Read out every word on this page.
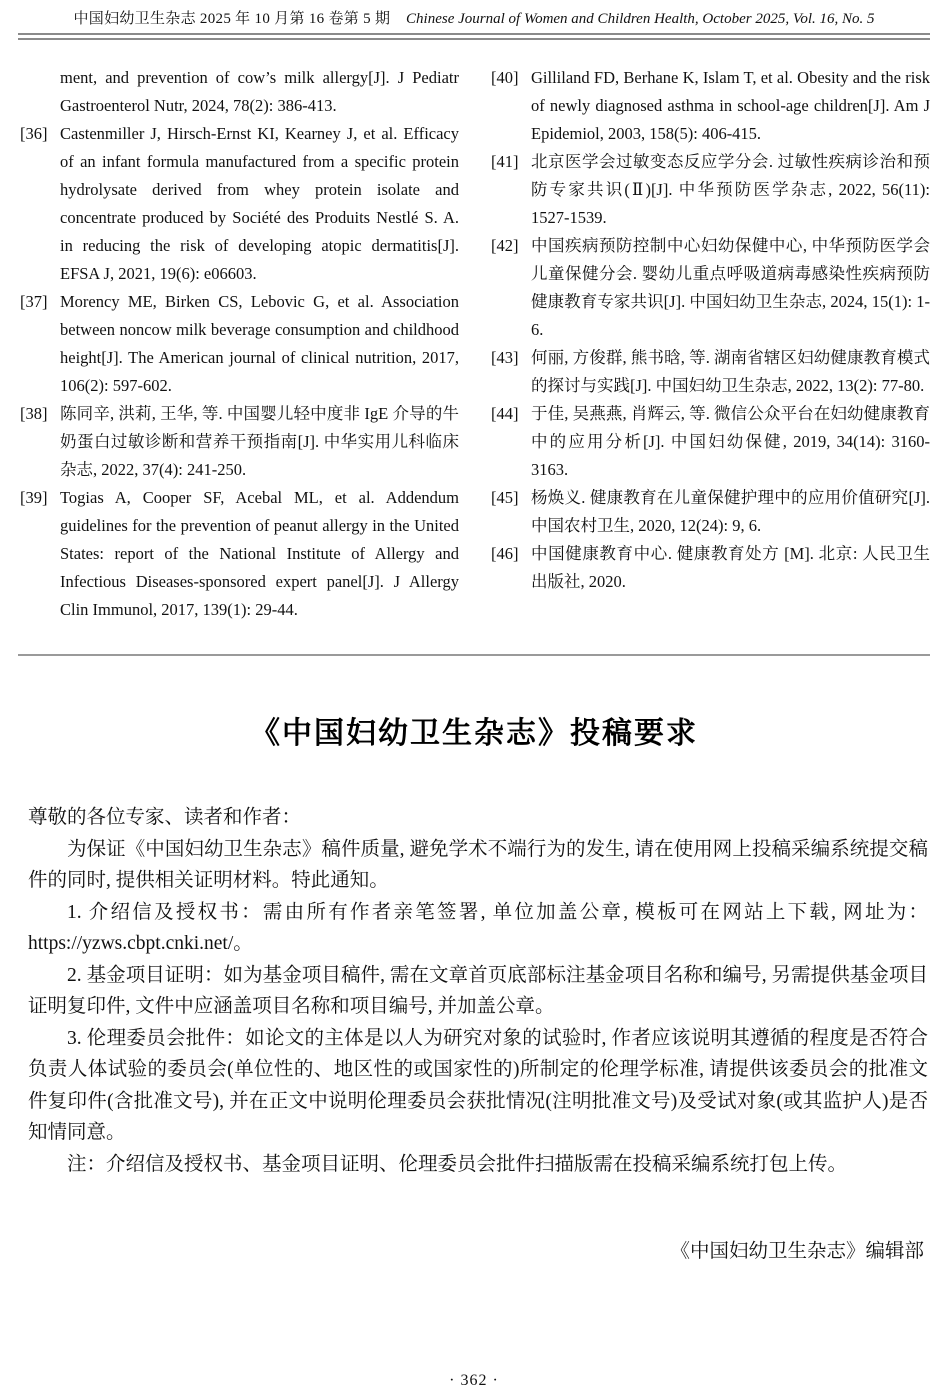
中国妇幼卫生杂志 2025 年 10 月第 16 卷第 5 期 Chinese Journal of Women and Children Health, October 2025, Vol. 16, No. 5
ment, and prevention of cow’s milk allergy[J]. J Pediatr Gastroenterol Nutr, 2024, 78(2): 386-413.
[36] Castenmiller J, Hirsch-Ernst KI, Kearney J, et al. Efficacy of an infant formula manufactured from a specific protein hydrolysate derived from whey protein isolate and concentrate produced by Société des Produits Nestlé S. A. in reducing the risk of developing atopic dermatitis[J]. EFSA J, 2021, 19(6): e06603.
[37] Morency ME, Birken CS, Lebovic G, et al. Association between noncow milk beverage consumption and childhood height[J]. The American journal of clinical nutrition, 2017, 106(2): 597-602.
[38] 陈同辛, 洪莉, 王华, 等. 中国婴儿轻中度非 IgE 介导的牛奶蛋白过敏诊断和营养干预指南[J]. 中华实用儿科临床杂志, 2022, 37(4): 241-250.
[39] Togias A, Cooper SF, Acebal ML, et al. Addendum guidelines for the prevention of peanut allergy in the United States: report of the National Institute of Allergy and Infectious Diseases-sponsored expert panel[J]. J Allergy Clin Immunol, 2017, 139(1): 29-44.
[40] Gilliland FD, Berhane K, Islam T, et al. Obesity and the risk of newly diagnosed asthma in school-age children[J]. Am J Epidemiol, 2003, 158(5): 406-415.
[41] 北京医学会过敏变态反应学分会. 过敏性疾病诊治和预防专家共识(Ⅱ)[J]. 中华预防医学杂志, 2022, 56(11): 1527-1539.
[42] 中国疾病预防控制中心妇幼保健中心, 中华预防医学会儿童保健分会. 婴幼儿重点呼吸道病毒感染性疾病预防健康教育专家共识[J]. 中国妇幼卫生杂志, 2024, 15(1): 1-6.
[43] 何丽, 方俊群, 熊书晗, 等. 湖南省辖区妇幼健康教育模式的探讨与实践[J]. 中国妇幼卫生杂志, 2022, 13(2): 77-80.
[44] 于佳, 吴燕燕, 肖辉云, 等. 微信公众平台在妇幼健康教育中的应用分析[J]. 中国妇幼保健, 2019, 34(14): 3160-3163.
[45] 杨焕义. 健康教育在儿童保健护理中的应用价值研究[J]. 中国农村卫生, 2020, 12(24): 9, 6.
[46] 中国健康教育中心. 健康教育处方 [M]. 北京: 人民卫生出版社, 2020.
《中国妇幼卫生杂志》投稿要求

尊敬的各位专家、读者和作者：

为保证《中国妇幼卫生杂志》稿件质量, 避免学术不端行为的发生, 请在使用网上投稿采编系统提交稿件的同时, 提供相关证明材料。特此通知。

1. 介绍信及授权书：需由所有作者亲笔签署, 单位加盖公章, 模板可在网站上下载, 网址为：https://yzws.cbpt.cnki.net/。

2. 基金项目证明：如为基金项目稿件, 需在文章首页底部标注基金项目名称和编号, 另需提供基金项目证明复印件, 文件中应涵盖项目名称和项目编号, 并加盖公章。

3. 伦理委员会批件：如论文的主体是以人为研究对象的试验时, 作者应该说明其遵循的程度是否符合负责人体试验的委员会(单位性的、地区性的或国家性的)所制定的伦理学标准, 请提供该委员会的批准文件复印件(含批准文号), 并在正文中说明伦理委员会获批情况(注明批准文号)及受试对象(或其监护人)是否知情同意。

注：介绍信及授权书、基金项目证明、伦理委员会批件扫描版需在投稿采编系统打包上传。

《中国妇幼卫生杂志》编辑部

· 362 ·
